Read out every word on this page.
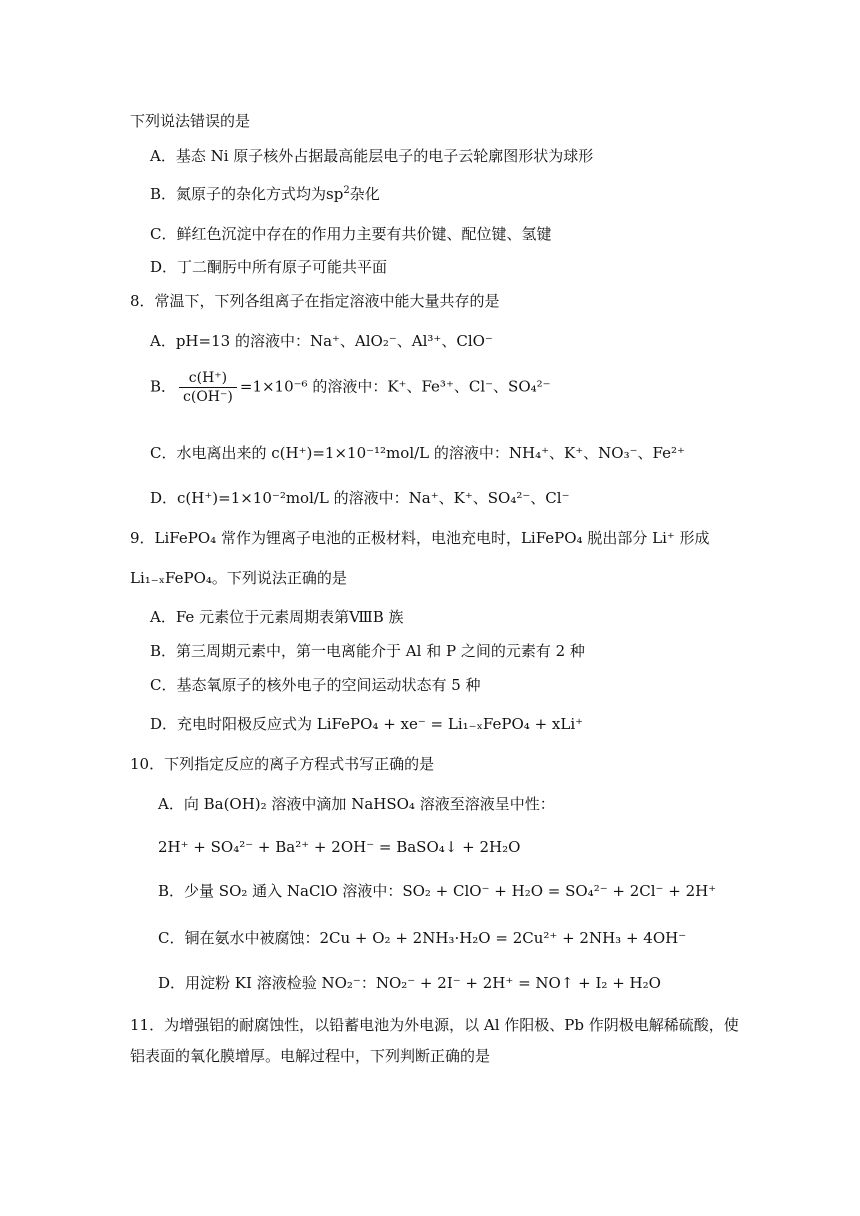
下列说法错误的是
A．基态 Ni 原子核外占据最高能层电子的电子云轮廓图形状为球形
B．氮原子的杂化方式均为$sp^2$杂化
C．鲜红色沉淀中存在的作用力主要有共价键、配位键、氢键
D．丁二酮肟中所有原子可能共平面
8．常温下，下列各组离子在指定溶液中能大量共存的是
A．pH=13 的溶液中：Na⁺、AlO₂⁻、Al³⁺、ClO⁻
B． $\frac{c(H^+)}{c(OH^-)} =1\times 10^{-6}$ 的溶液中：K⁺、Fe³⁺、Cl⁻、SO₄²⁻
C．水电离出来的 c(H⁺)=1×10⁻¹²mol/L 的溶液中：NH₄⁺、K⁺、NO₃⁻、Fe²⁺
D．c(H⁺)=1×10⁻²mol/L 的溶液中：Na⁺、K⁺、SO₄²⁻、Cl⁻
9．LiFePO₄ 常作为锂离子电池的正极材料，电池充电时，LiFePO₄ 脱出部分 Li⁺ 形成
Li₁₋ₓFePO₄。下列说法正确的是
A．Fe 元素位于元素周期表第ⅧB 族
B．第三周期元素中，第一电离能介于 Al 和 P 之间的元素有 2 种
C．基态氧原子的核外电子的空间运动状态有 5 种
D．充电时阳极反应式为 LiFePO₄ + xe⁻ = Li₁₋ₓFePO₄ + xLi⁺
10．下列指定反应的离子方程式书写正确的是
A．向 Ba(OH)₂ 溶液中滴加 NaHSO₄ 溶液至溶液呈中性：
2H⁺ + SO₄²⁻ + Ba²⁺ + 2OH⁻ = BaSO₄↓ + 2H₂O
B．少量 SO₂ 通入 NaClO 溶液中：SO₂ + ClO⁻ + H₂O = SO₄²⁻ + 2Cl⁻ + 2H⁺
C．铜在氨水中被腐蚀：2Cu + O₂ + 2NH₃·H₂O = 2Cu²⁺ + 2NH₃ + 4OH⁻
D．用淀粉 KI 溶液检验 NO₂⁻：NO₂⁻ + 2I⁻ + 2H⁺ = NO↑ + I₂ + H₂O
11．为增强铝的耐腐蚀性，以铅蓄电池为外电源，以 Al 作阳极、Pb 作阴极电解稀硫酸，使
铝表面的氧化膜增厚。电解过程中，下列判断正确的是
